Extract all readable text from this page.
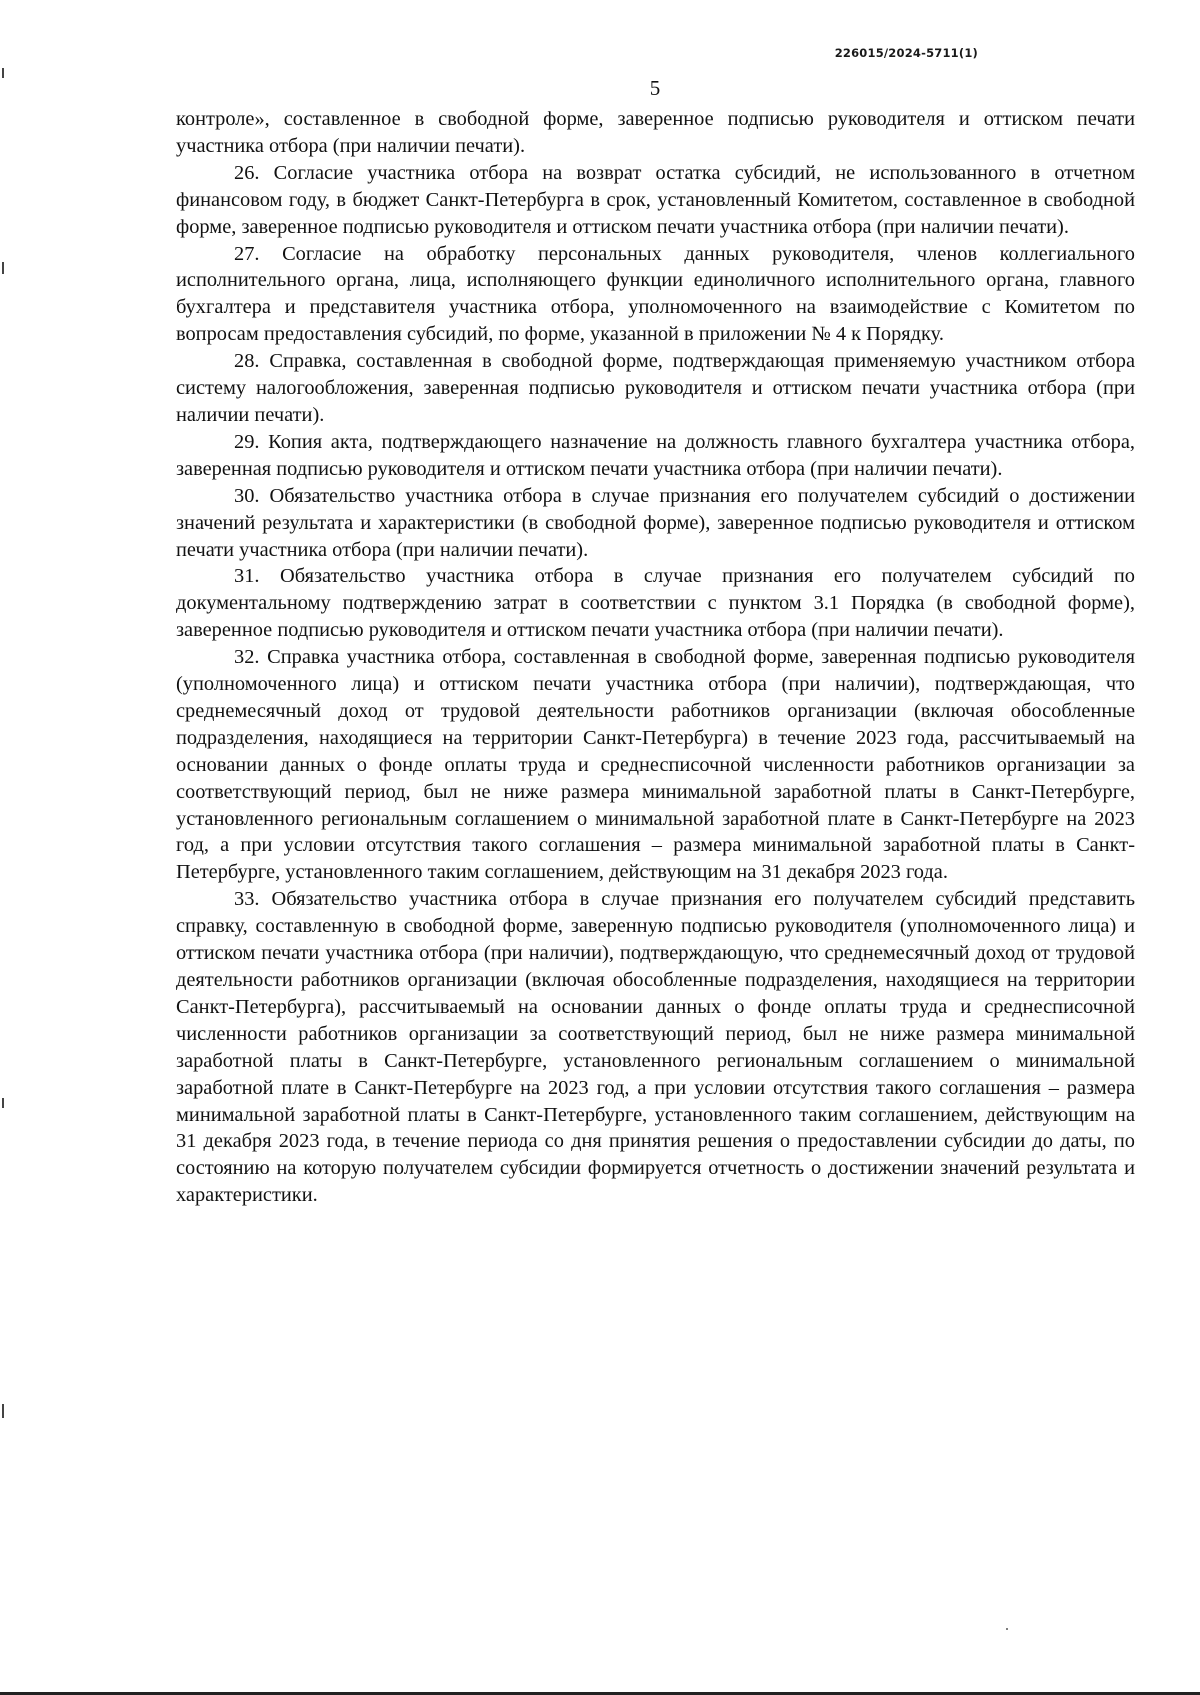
226015/2024-5711(1)
5

контроле», составленное в свободной форме, заверенное подписью руководителя и оттиском печати участника отбора (при наличии печати).

26. Согласие участника отбора на возврат остатка субсидий, не использованного в отчетном финансовом году, в бюджет Санкт-Петербурга в срок, установленный Комитетом, составленное в свободной форме, заверенное подписью руководителя и оттиском печати участника отбора (при наличии печати).

27. Согласие на обработку персональных данных руководителя, членов коллегиального исполнительного органа, лица, исполняющего функции единоличного исполнительного органа, главного бухгалтера и представителя участника отбора, уполномоченного на взаимодействие с Комитетом по вопросам предоставления субсидий, по форме, указанной в приложении № 4 к Порядку.

28. Справка, составленная в свободной форме, подтверждающая применяемую участником отбора систему налогообложения, заверенная подписью руководителя и оттиском печати участника отбора (при наличии печати).

29. Копия акта, подтверждающего назначение на должность главного бухгалтера участника отбора, заверенная подписью руководителя и оттиском печати участника отбора (при наличии печати).

30. Обязательство участника отбора в случае признания его получателем субсидий о достижении значений результата и характеристики (в свободной форме), заверенное подписью руководителя и оттиском печати участника отбора (при наличии печати).

31. Обязательство участника отбора в случае признания его получателем субсидий по документальному подтверждению затрат в соответствии с пунктом 3.1 Порядка (в свободной форме), заверенное подписью руководителя и оттиском печати участника отбора (при наличии печати).

32. Справка участника отбора, составленная в свободной форме, заверенная подписью руководителя (уполномоченного лица) и оттиском печати участника отбора (при наличии), подтверждающая, что среднемесячный доход от трудовой деятельности работников организации (включая обособленные подразделения, находящиеся на территории Санкт-Петербурга) в течение 2023 года, рассчитываемый на основании данных о фонде оплаты труда и среднесписочной численности работников организации за соответствующий период, был не ниже размера минимальной заработной платы в Санкт-Петербурге, установленного региональным соглашением о минимальной заработной плате в Санкт-Петербурге на 2023 год, а при условии отсутствия такого соглашения – размера минимальной заработной платы в Санкт-Петербурге, установленного таким соглашением, действующим на 31 декабря 2023 года.

33. Обязательство участника отбора в случае признания его получателем субсидий представить справку, составленную в свободной форме, заверенную подписью руководителя (уполномоченного лица) и оттиском печати участника отбора (при наличии), подтверждающую, что среднемесячный доход от трудовой деятельности работников организации (включая обособленные подразделения, находящиеся на территории Санкт-Петербурга), рассчитываемый на основании данных о фонде оплаты труда и среднесписочной численности работников организации за соответствующий период, был не ниже размера минимальной заработной платы в Санкт-Петербурге, установленного региональным соглашением о минимальной заработной плате в Санкт-Петербурге на 2023 год, а при условии отсутствия такого соглашения – размера минимальной заработной платы в Санкт-Петербурге, установленного таким соглашением, действующим на 31 декабря 2023 года, в течение периода со дня принятия решения о предоставлении субсидии до даты, по состоянию на которую получателем субсидии формируется отчетность о достижении значений результата и характеристики.
